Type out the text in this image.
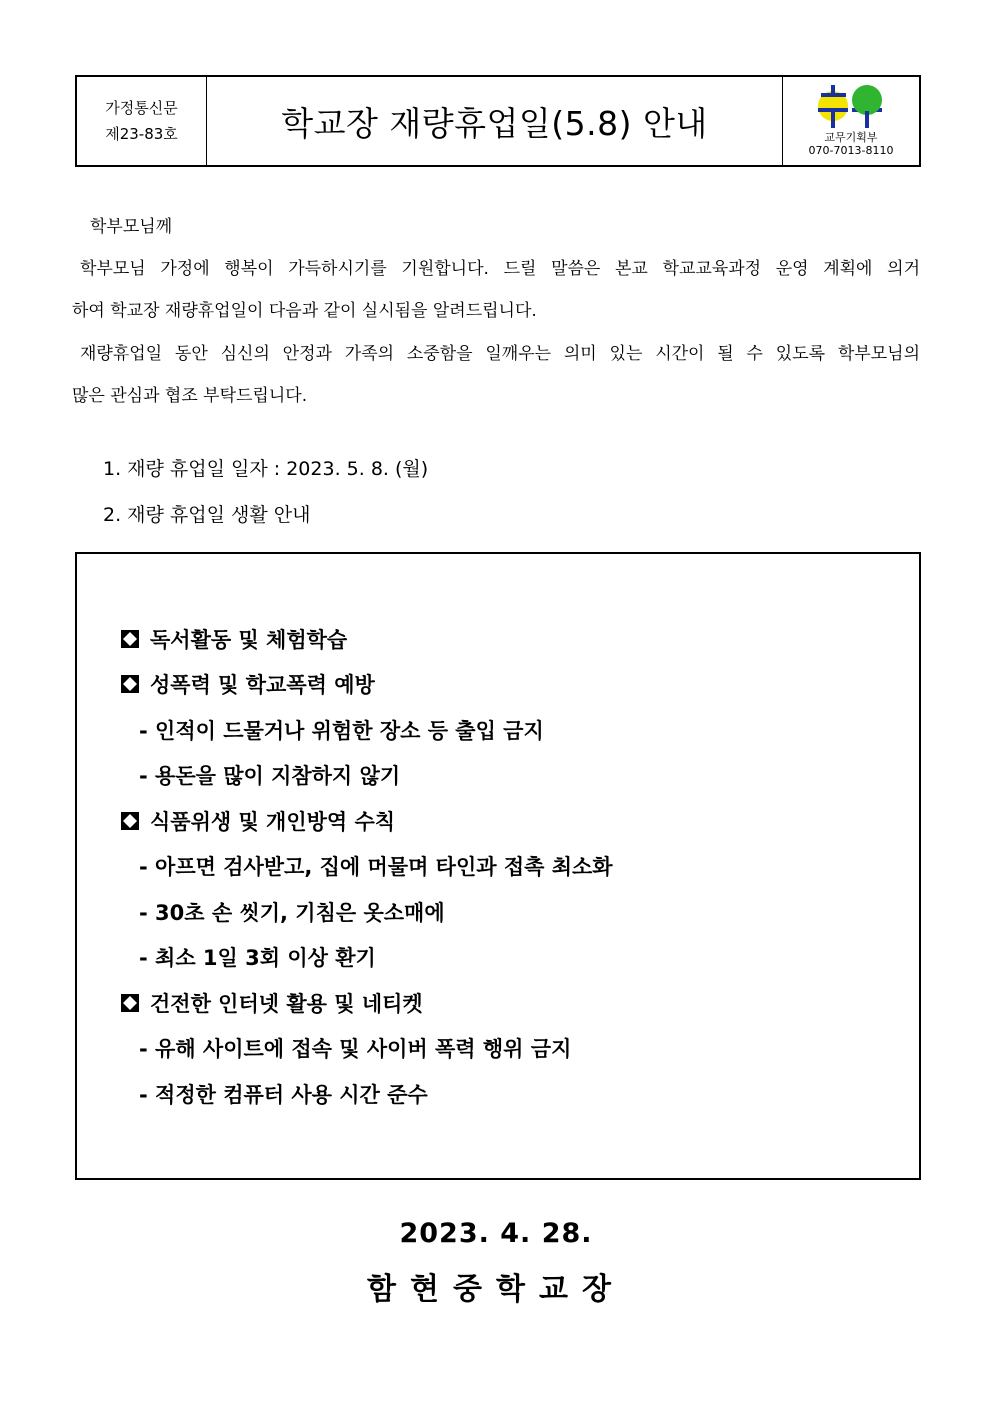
가정통신문
제23-83호	학교장 재량휴업일(5.8) 안내	교무기획부
070-7013-8110
학부모님께
학부모님 가정에 행복이 가득하시기를 기원합니다. 드릴 말씀은 본교 학교교육과정 운영 계획에 의거
하여 학교장 재량휴업일이 다음과 같이 실시됨을 알려드립니다.
재량휴업일 동안 심신의 안정과 가족의 소중함을 일깨우는 의미 있는 시간이 될 수 있도록 학부모님의
많은 관심과 협조 부탁드립니다.
1. 재량 휴업일 일자 : 2023. 5. 8. (월)
2. 재량 휴업일 생활 안내
독서활동 및 체험학습
성폭력 및 학교폭력 예방
- 인적이 드물거나 위험한 장소 등 출입 금지
- 용돈을 많이 지참하지 않기
식품위생 및 개인방역 수칙
- 아프면 검사받고, 집에 머물며 타인과 접촉 최소화
- 30초 손 씻기, 기침은 옷소매에
- 최소 1일 3회 이상 환기
건전한 인터넷 활용 및 네티켓
- 유해 사이트에 접속 및 사이버 폭력 행위 금지
- 적정한 컴퓨터 사용 시간 준수
2023. 4. 28.
함현중학교장
